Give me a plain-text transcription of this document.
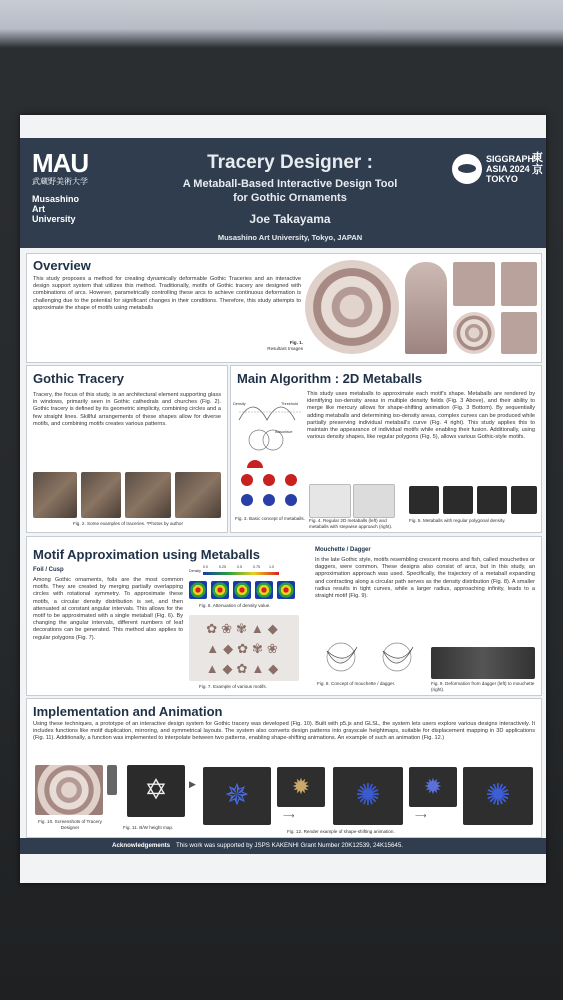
MAU
武蔵野美術大学
Musashino
Art
University
Tracery Designer :
A Metaball-Based Interactive Design Tool
for Gothic Ornaments
Joe Takayama
Musashino Art University, Tokyo, JAPAN
SIGGRAPH
ASIA 2024
TOKYO
東京
Overview
This study proposes a method for creating dynamically deformable Gothic Traceries and an interactive design support system that utilizes this method. Traditionally, motifs of Gothic tracery are designed with combinations of arcs. However, parametrically controlling these arcs to achieve continuous deformation is challenging due to the potential for significant changes in their conditions. Therefore, this study attempts to approximate the shape of motifs using metaballs
Fig. 1.
Resultant Images
Gothic Tracery
Tracery, the focus of this study, is an architectural element supporting glass in windows, primarily seen in Gothic cathedrals and churches (Fig. 2). Gothic tracery is defined by its geometric simplicity, combining circles and a few straight lines. Skillful arrangements of these shapes allow for diverse motifs, and combining motifs creates various patterns.
Fig. 2. Some examples of traceries. *Photos by author
Main Algorithm : 2D Metaballs
This study uses metaballs to approximate each motif's shape. Metaballs are rendered by identifying iso-density areas in multiple density fields (Fig. 3 Above), and their ability to merge like mercury allows for shape-shifting animation (Fig. 3 Bottom). By sequentially adding metaballs and determining iso-density areas, complex curves can be produced while partially preserving individual metaball's curve (Fig. 4 right). This study applies this to maintain the appearance of individual motifs while enabling their fusion. Additionally, using various density shapes, like regular polygons (Fig. 5), allows various Gothic-style motifs.
Density	Threshold
Isosurface
Fig. 3. Basic concept of metaballs. Fig. 4. Regular 2D metaballs (left) and metaballs with stepwise approach (right).
Fig. 5. Metaballs with regular polygonal density.
Motif Approximation using Metaballs
Foil / Cusp
Among Gothic ornaments, foils are the most common motifs. They are created by merging partially overlapping circles with rotational symmetry. To approximate these motifs, a circular density distribution is set, and then attenuated at constant angular intervals. This allows for the motif to be approximated with a single metaball (Fig. 6). By changing the angular intervals, different numbers of leaf decorations can be generated. This method also applies to regular polygons (Fig. 7).
Density
0.0	0.25	0.5	0.75	1.0
Fig. 6. Attenuation of density value.
✿❀✾▲◆
▲◆✿✾❀
▲◆✿▲◆
Fig. 7. Example of various motifs.
Mouchette / Dagger
In the late Gothic style, motifs resembling crescent moons and fish, called mouchettes or daggers, were common. These designs also consist of arcs, but in this study, an approximation approach was used. Specifically, the trajectory of a metaball expanding and contracting along a circular path serves as the density distribution (Fig. 8). A smaller radius results in tight curves, while a larger radius, approaching infinity, leads to a straight motif (Fig. 9).
Fig. 8. Concept of mouchette / dagger.	Fig. 9. Deformation from dagger (left) to mouchette (right).
Implementation and Animation
Using these techniques, a prototype of an interactive design system for Gothic tracery was developed (Fig. 10). Built with p5.js and GLSL, the system lets users explore various designs interactively. It includes functions like motif duplication, mirroring, and symmetrical layouts. The system also converts design patterns into grayscale heightmaps, suitable for displacement mapping in 3D applications (Fig. 11). Additionally, a function was implemented to interpolate between two patterns, enabling shape-shifting animations. An example of such an animation (Fig. 12.)
✡	▶ ✵	✹	✺	✹	✺
⟶	⟶
Fig. 10. Screenshots of Tracery Designer	Fig. 11. B/W height map.
Fig. 12. Render example of shape-shifting animation.
Acknowledgements This work was supported by JSPS KAKENHI Grant Number 20K12539, 24K15645.
